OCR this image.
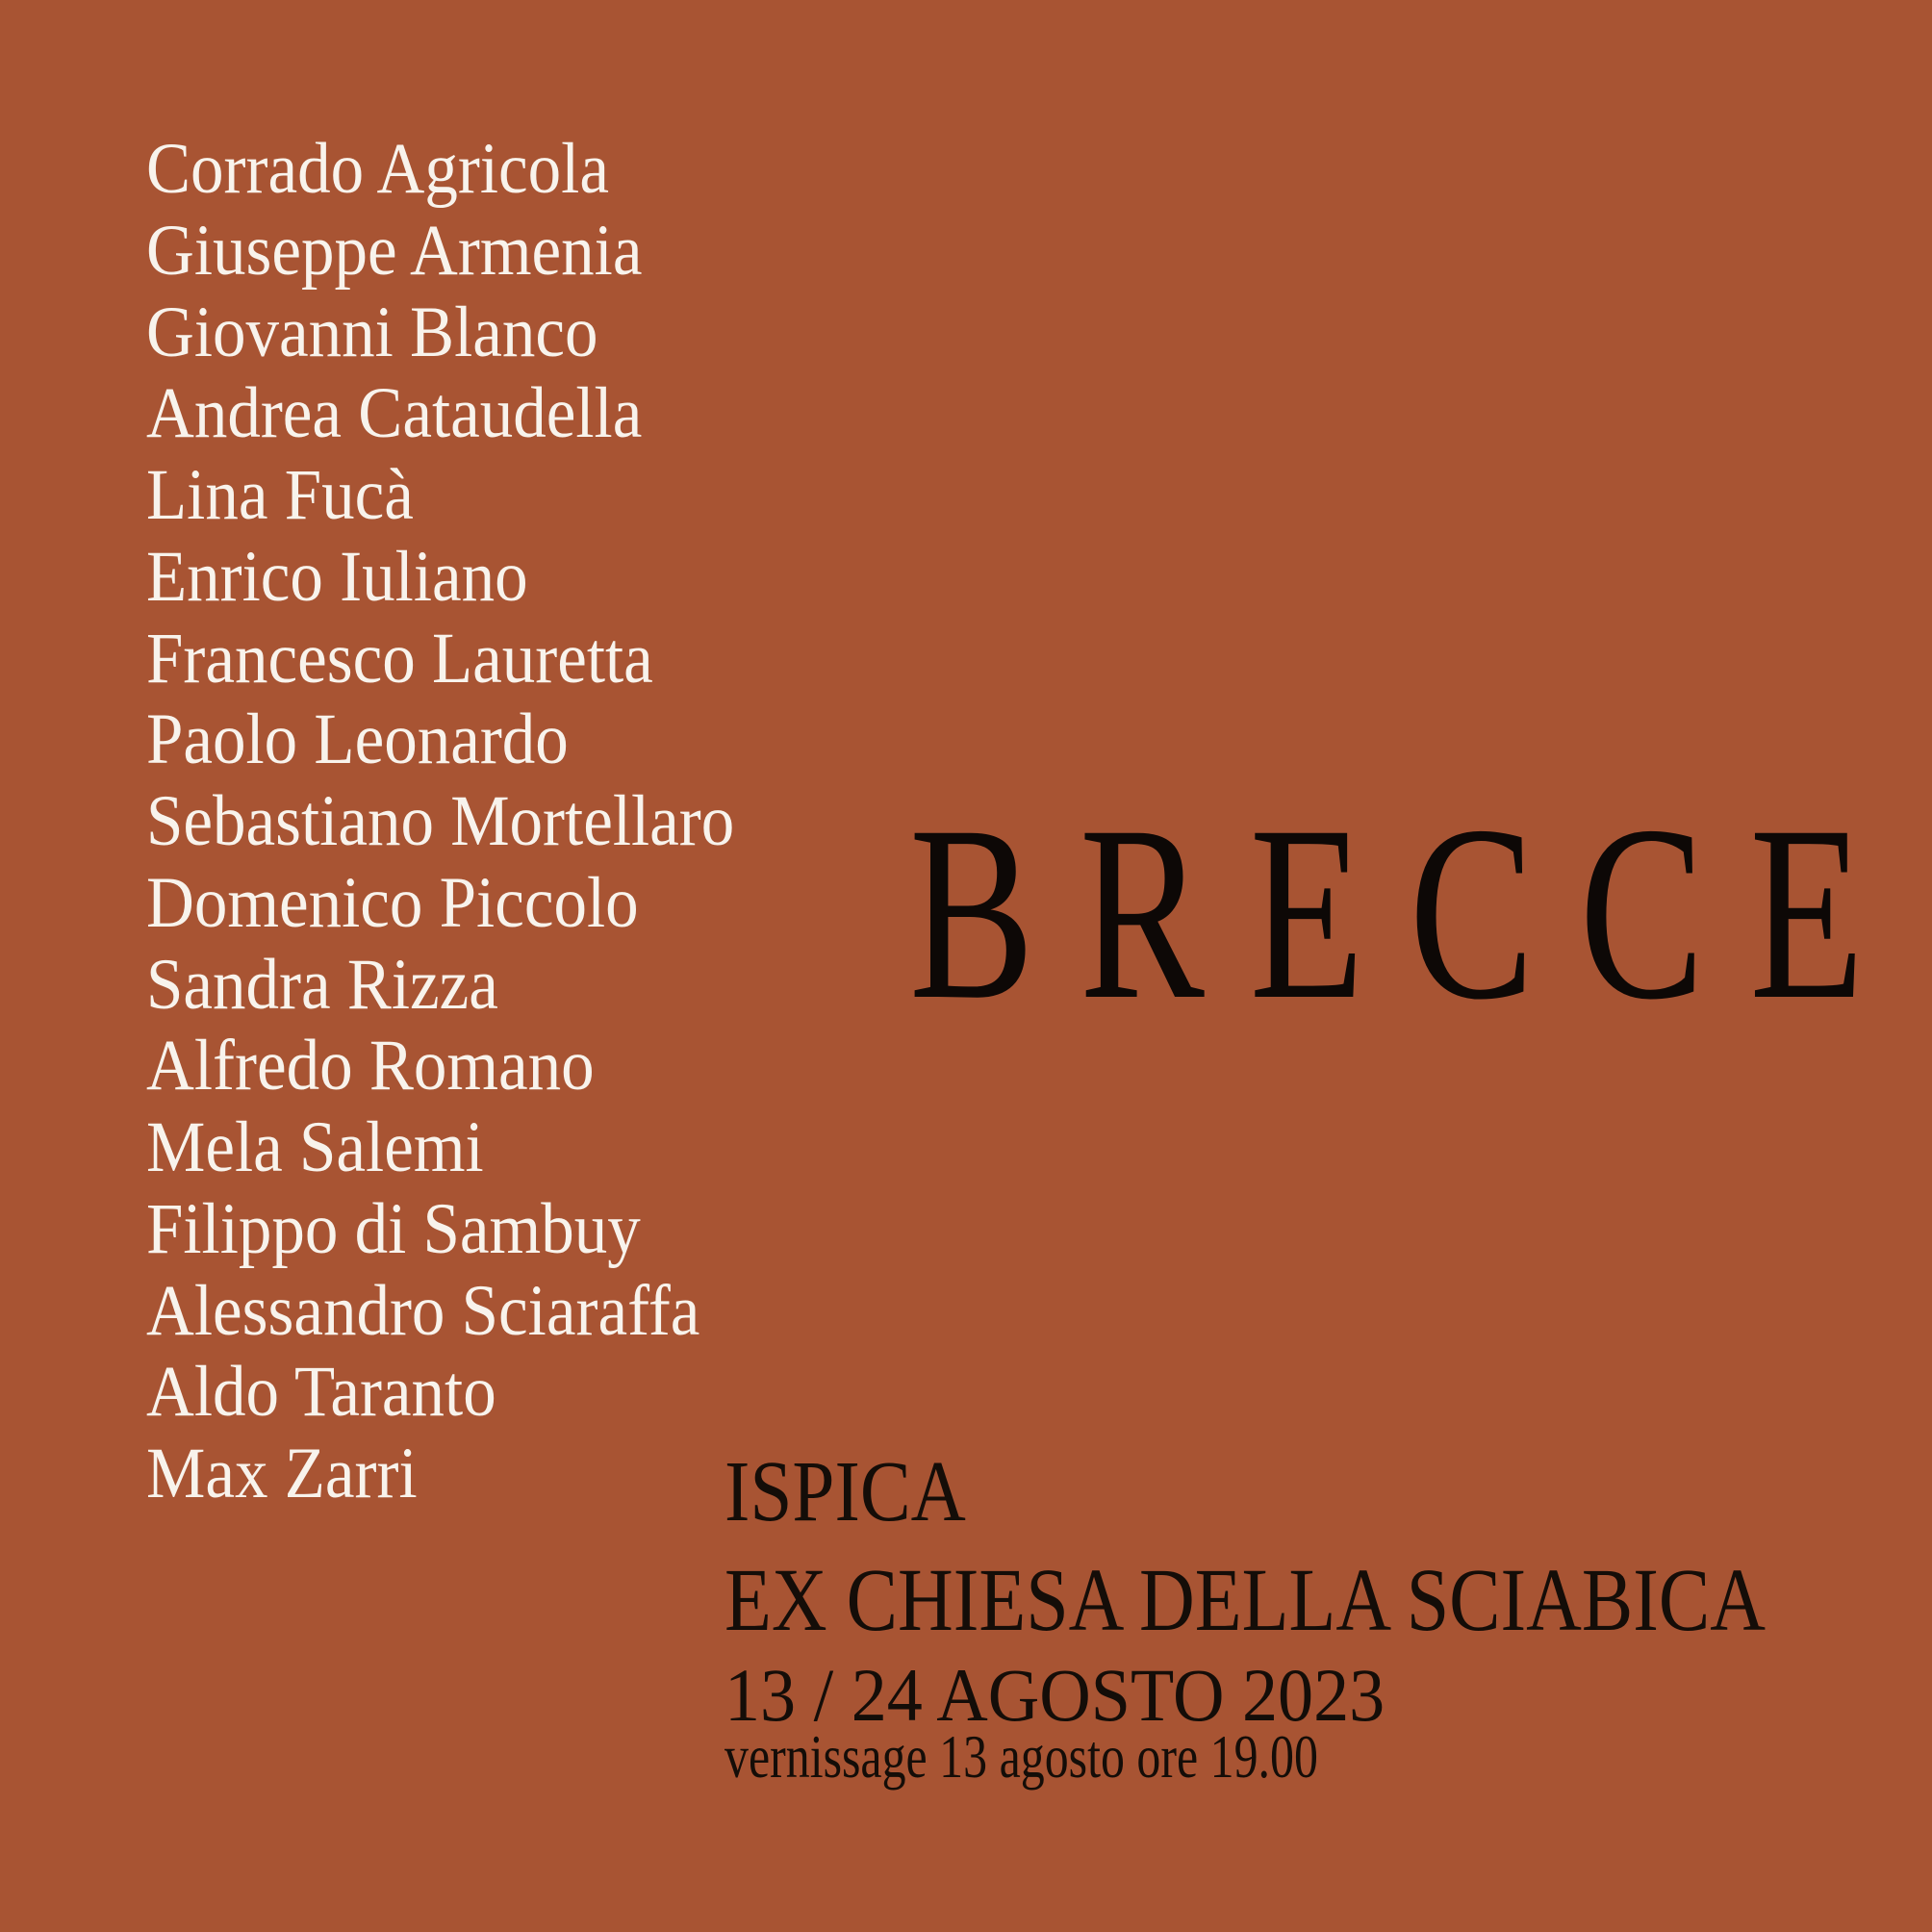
Corrado Agricola
Giuseppe Armenia
Giovanni Blanco
Andrea Cataudella
Lina Fucà
Enrico Iuliano
Francesco Lauretta
Paolo Leonardo
Sebastiano Mortellaro
Domenico Piccolo
Sandra Rizza
Alfredo Romano
Mela Salemi
Filippo di Sambuy
Alessandro Sciaraffa
Aldo Taranto
Max Zarri
BRECCE
ISPICA
EX CHIESA DELLA SCIABICA
13 / 24 AGOSTO 2023
vernissage 13 agosto ore 19.00
